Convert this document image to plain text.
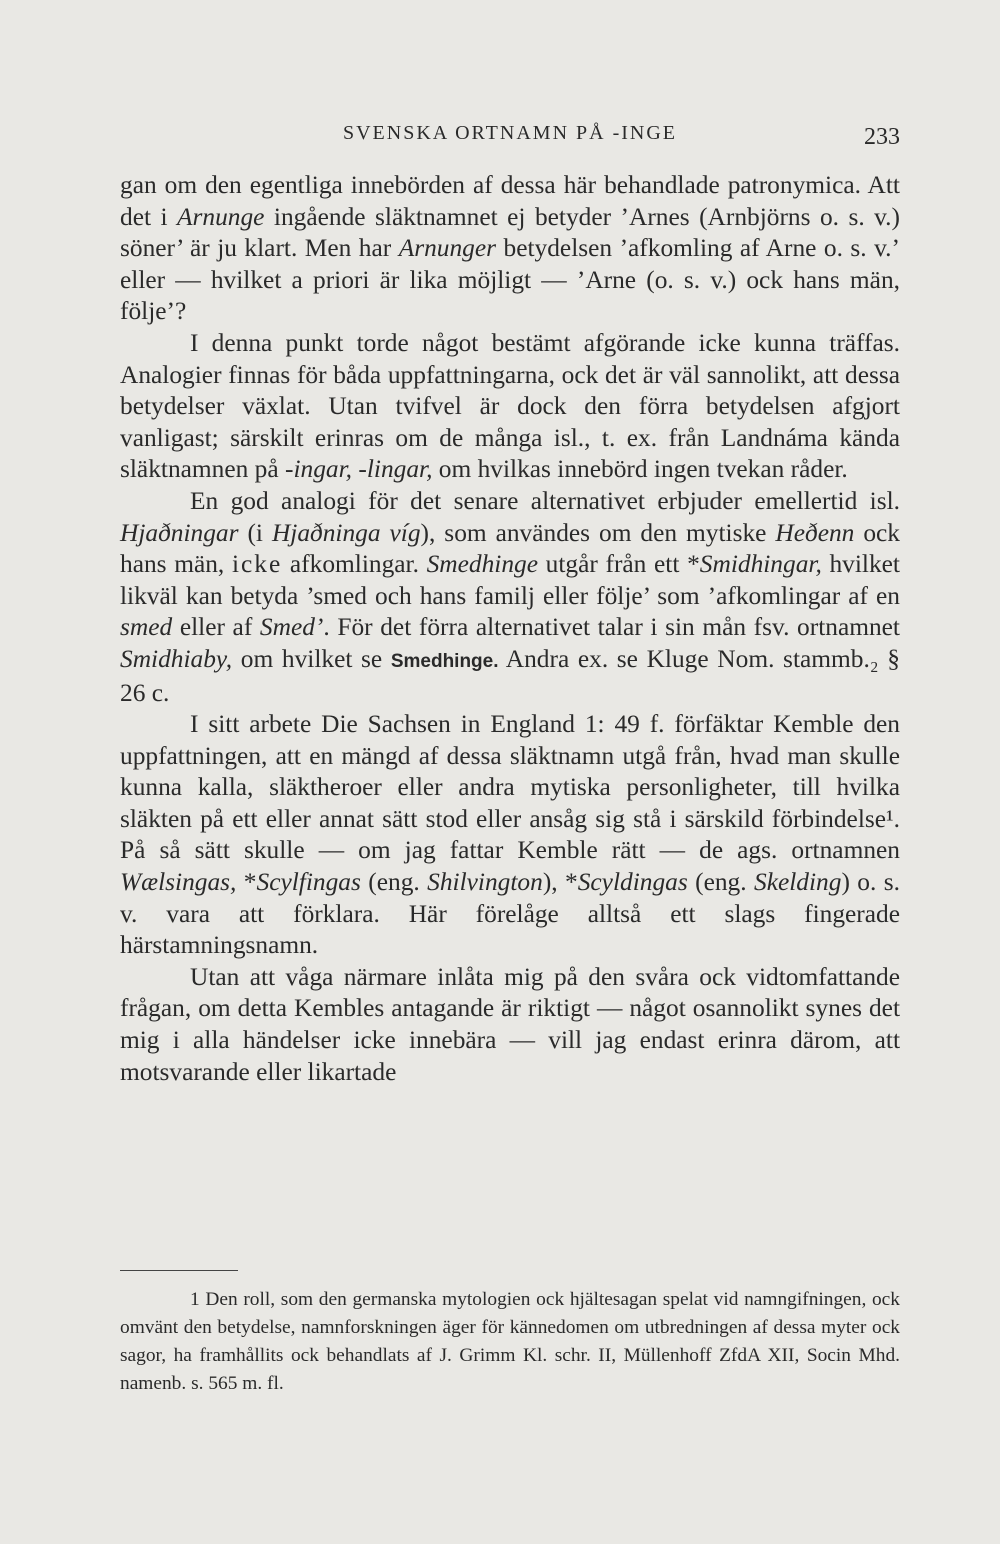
SVENSKA ORTNAMN PÅ -INGE	233

gan om den egentliga innebörden af dessa här behandlade patronymica. Att det i Arnunge ingående släktnamnet ej betyder ’Arnes (Arnbjörns o. s. v.) söner’ är ju klart. Men har Arnunger betydelsen ’afkomling af Arne o. s. v.’ eller — hvilket a priori är lika möjligt — ’Arne (o. s. v.) ock hans män, följe’?

I denna punkt torde något bestämt afgörande icke kunna träffas. Analogier finnas för båda uppfattningarna, ock det är väl sannolikt, att dessa betydelser växlat. Utan tvifvel är dock den förra betydelsen afgjort vanligast; särskilt erinras om de många isl., t. ex. från Landnáma kända släktnamnen på -ingar, -lingar, om hvilkas innebörd ingen tvekan råder.

En god analogi för det senare alternativet erbjuder emellertid isl. Hjaðningar (i Hjaðninga víg), som användes om den mytiske Heðenn ock hans män, icke afkomlingar. Smedhinge utgår från ett *Smidhingar, hvilket likväl kan betyda ’smed och hans familj eller följe’ som ’afkomlingar af en smed eller af Smed’. För det förra alternativet talar i sin mån fsv. ortnamnet Smidhiaby, om hvilket se Smedhinge. Andra ex. se Kluge Nom. stammb.₂ § 26 c.

I sitt arbete Die Sachsen in England 1: 49 f. förfäktar Kemble den uppfattningen, att en mängd af dessa släktnamn utgå från, hvad man skulle kunna kalla, släktheroer eller andra mytiska personligheter, till hvilka släkten på ett eller annat sätt stod eller ansåg sig stå i särskild förbindelse¹. På så sätt skulle — om jag fattar Kemble rätt — de ags. ortnamnen Wælsingas, *Scylfingas (eng. Shilvington), *Scyldingas (eng. Skelding) o. s. v. vara att förklara. Här förelåge alltså ett slags fingerade härstamningsnamn.

Utan att våga närmare inlåta mig på den svåra ock vidtomfattande frågan, om detta Kembles antagande är riktigt — något osannolikt synes det mig i alla händelser icke innebära — vill jag endast erinra därom, att motsvarande eller likartade

1 Den roll, som den germanska mytologien ock hjältesagan spelat vid namngifningen, ock omvänt den betydelse, namnforskningen äger för kännedomen om utbredningen af dessa myter ock sagor, ha framhållits ock behandlats af J. Grimm Kl. schr. II, Müllenhoff ZfdA XII, Socin Mhd. namenb. s. 565 m. fl.
